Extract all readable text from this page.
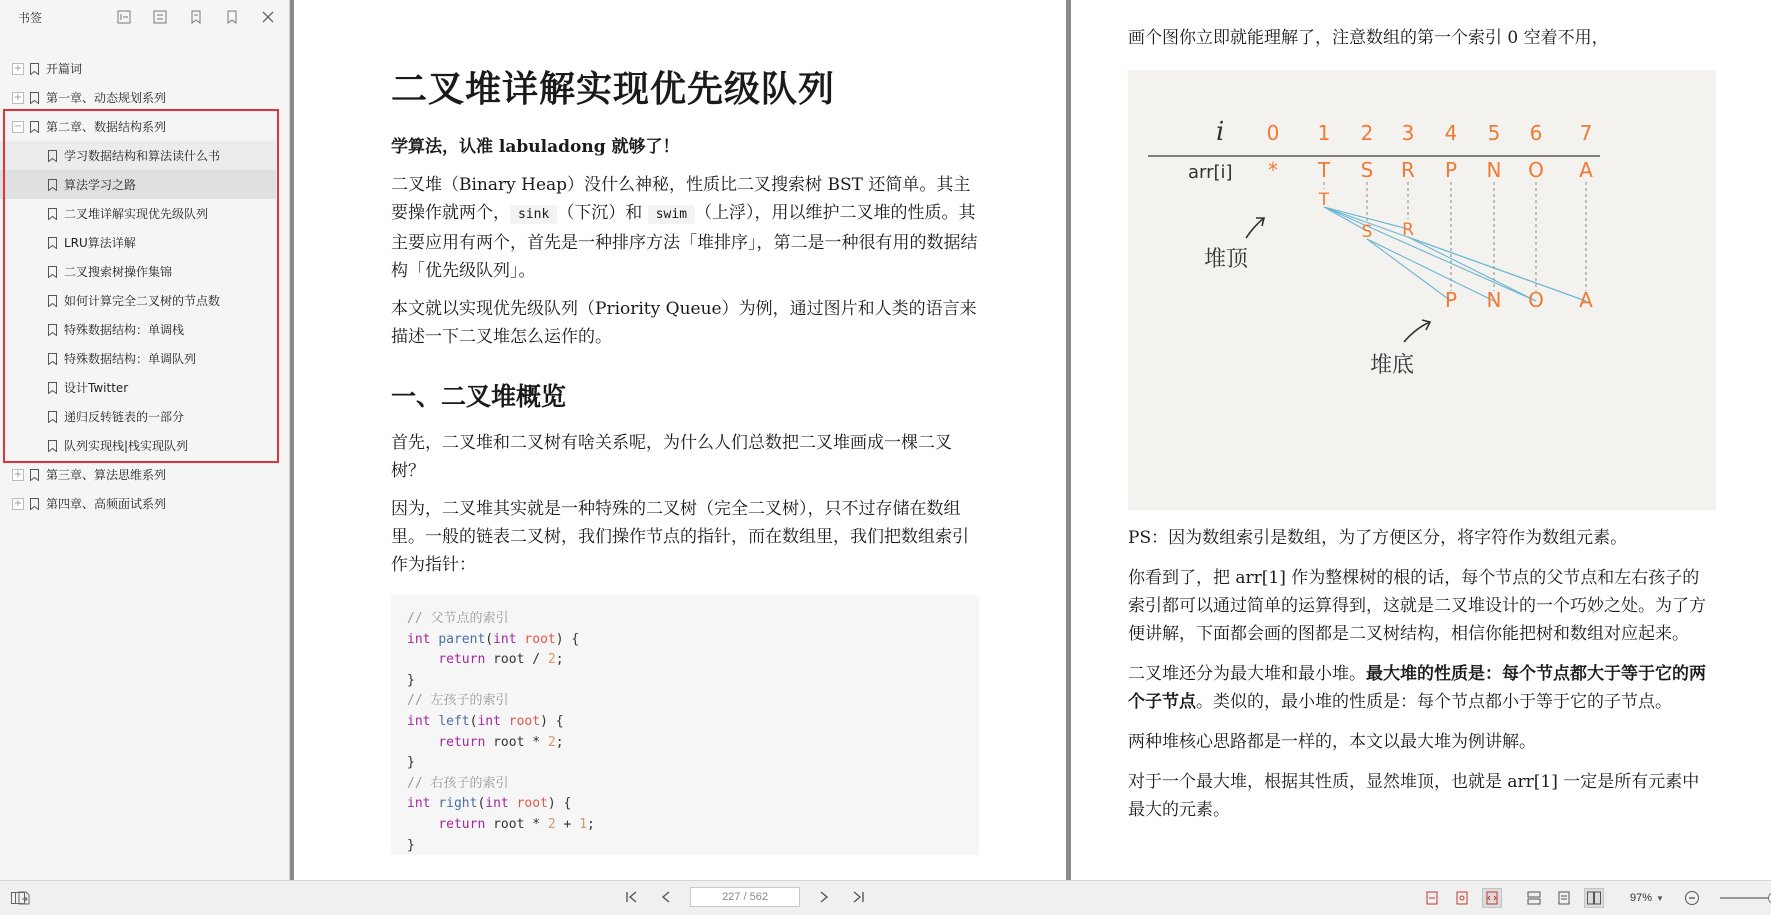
书签
+ 开篇词
+ 第一章、动态规划系列
− 第二章、数据结构系列
学习数据结构和算法读什么书
算法学习之路
二叉堆详解实现优先级队列
LRU算法详解
二叉搜索树操作集锦
如何计算完全二叉树的节点数
特殊数据结构：单调栈
特殊数据结构：单调队列
设计Twitter
递归反转链表的一部分
队列实现栈|栈实现队列
+ 第三章、算法思维系列
+ 第四章、高频面试系列
二叉堆详解实现优先级队列

学算法，认准 labuladong 就够了！

二叉堆（Binary Heap）没什么神秘，性质比二叉搜索树 BST 还简单。其主要操作就两个， sink （下沉）和 swim （上浮），用以维护二叉堆的性质。其主要应用有两个，首先是一种排序方法「堆排序」，第二是一种很有用的数据结构「优先级队列」。

本文就以实现优先级队列（Priority Queue）为例，通过图片和人类的语言来描述一下二叉堆怎么运作的。

一、二叉堆概览

首先，二叉堆和二叉树有啥关系呢，为什么人们总数把二叉堆画成一棵二叉树？

因为，二叉堆其实就是一种特殊的二叉树（完全二叉树），只不过存储在数组里。一般的链表二叉树，我们操作节点的指针，而在数组里，我们把数组索引作为指针：

// 父节点的索引
int parent(int root) {
return root / 2;
}
// 左孩子的索引
int left(int root) {
return root * 2;
}
// 右孩子的索引
int right(int root) {
return root * 2 + 1;
}

画个图你立即就能理解了，注意数组的第一个索引 0 空着不用，

i 0 1 2 3 4 5 6 7
arr[i] * T S R P N O A
T
S R
P N O A
堆顶
堆底

PS：因为数组索引是数组，为了方便区分，将字符作为数组元素。

你看到了，把 arr[1] 作为整棵树的根的话，每个节点的父节点和左右孩子的索引都可以通过简单的运算得到，这就是二叉堆设计的一个巧妙之处。为了方便讲解，下面都会画的图都是二叉树结构，相信你能把树和数组对应起来。

二叉堆还分为最大堆和最小堆。最大堆的性质是：每个节点都大于等于它的两个子节点。类似的，最小堆的性质是：每个节点都小于等于它的子节点。

两种堆核心思路都是一样的，本文以最大堆为例讲解。

对于一个最大堆，根据其性质，显然堆顶，也就是 arr[1] 一定是所有元素中最大的元素。

227 / 562	97% ▼
